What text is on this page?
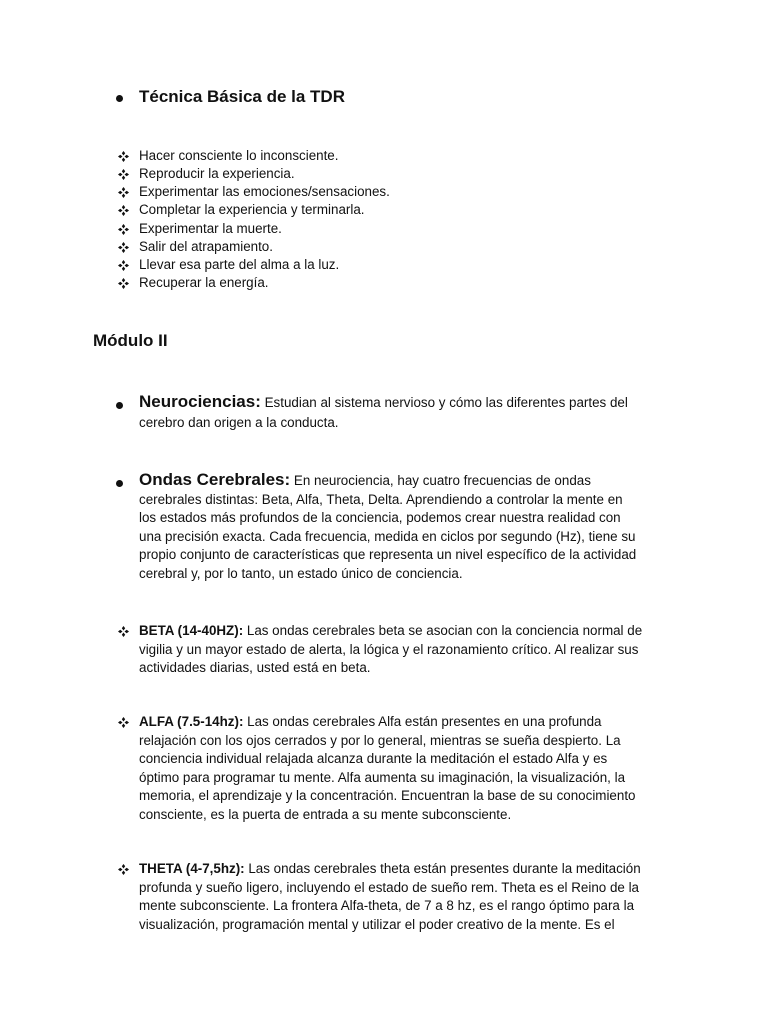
Técnica Básica de la TDR
Hacer consciente lo inconsciente.
Reproducir la experiencia.
Experimentar las emociones/sensaciones.
Completar la experiencia y terminarla.
Experimentar la muerte.
Salir del atrapamiento.
Llevar esa parte del alma a la luz.
Recuperar la energía.
Módulo II
Neurociencias: Estudian al sistema nervioso y cómo las diferentes partes del
cerebro dan origen a la conducta.
Ondas Cerebrales: En neurociencia, hay cuatro frecuencias de ondas
cerebrales distintas: Beta, Alfa, Theta, Delta. Aprendiendo a controlar la mente en
los estados más profundos de la conciencia, podemos crear nuestra realidad con
una precisión exacta. Cada frecuencia, medida en ciclos por segundo (Hz), tiene su
propio conjunto de características que representa un nivel específico de la actividad
cerebral y, por lo tanto, un estado único de conciencia.
BETA (14-40HZ): Las ondas cerebrales beta se asocian con la conciencia normal de
vigilia y un mayor estado de alerta, la lógica y el razonamiento crítico. Al realizar sus
actividades diarias, usted está en beta.
ALFA (7.5-14hz): Las ondas cerebrales Alfa están presentes en una profunda
relajación con los ojos cerrados y por lo general, mientras se sueña despierto. La
conciencia individual relajada alcanza durante la meditación el estado Alfa y es
óptimo para programar tu mente. Alfa aumenta su imaginación, la visualización, la
memoria, el aprendizaje y la concentración. Encuentran la base de su conocimiento
consciente, es la puerta de entrada a su mente subconsciente.
THETA (4-7,5hz): Las ondas cerebrales theta están presentes durante la meditación
profunda y sueño ligero, incluyendo el estado de sueño rem. Theta es el Reino de la
mente subconsciente. La frontera Alfa-theta, de 7 a 8 hz, es el rango óptimo para la
visualización, programación mental y utilizar el poder creativo de la mente. Es el
